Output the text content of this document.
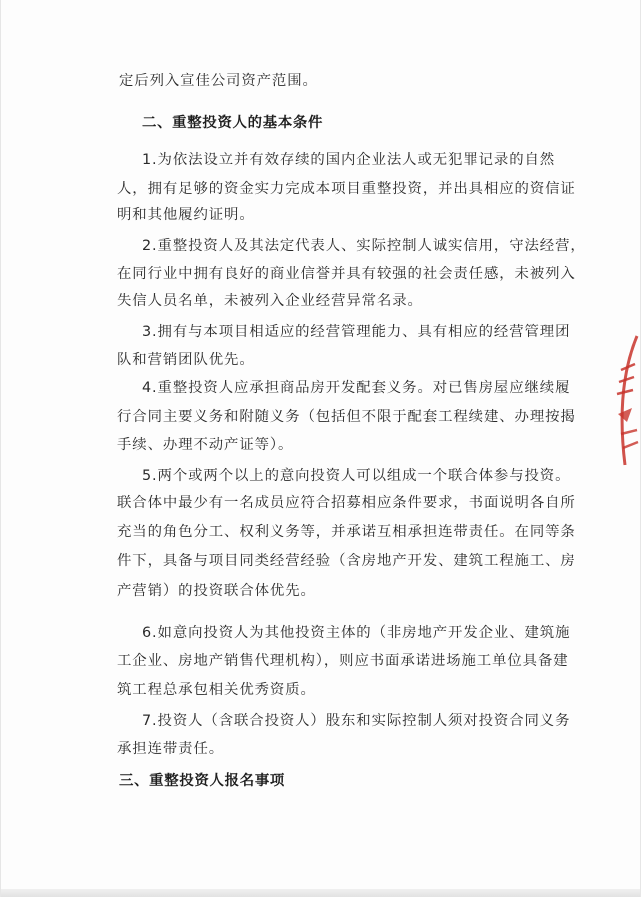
定后列入宣佳公司资产范围。
二、重整投资人的基本条件
1.为依法设立并有效存续的国内企业法人或无犯罪记录的自然
人，拥有足够的资金实力完成本项目重整投资，并出具相应的资信证
明和其他履约证明。
2.重整投资人及其法定代表人、实际控制人诚实信用，守法经营，
在同行业中拥有良好的商业信誉并具有较强的社会责任感，未被列入
失信人员名单，未被列入企业经营异常名录。
3.拥有与本项目相适应的经营管理能力、具有相应的经营管理团
队和营销团队优先。
4.重整投资人应承担商品房开发配套义务。对已售房屋应继续履
行合同主要义务和附随义务（包括但不限于配套工程续建、办理按揭
手续、办理不动产证等）。
5.两个或两个以上的意向投资人可以组成一个联合体参与投资。
联合体中最少有一名成员应符合招募相应条件要求，书面说明各自所
充当的角色分工、权利义务等，并承诺互相承担连带责任。在同等条
件下，具备与项目同类经营经验（含房地产开发、建筑工程施工、房
产营销）的投资联合体优先。
6.如意向投资人为其他投资主体的（非房地产开发企业、建筑施
工企业、房地产销售代理机构），则应书面承诺进场施工单位具备建
筑工程总承包相关优秀资质。
7.投资人（含联合投资人）股东和实际控制人须对投资合同义务
承担连带责任。
三、重整投资人报名事项
